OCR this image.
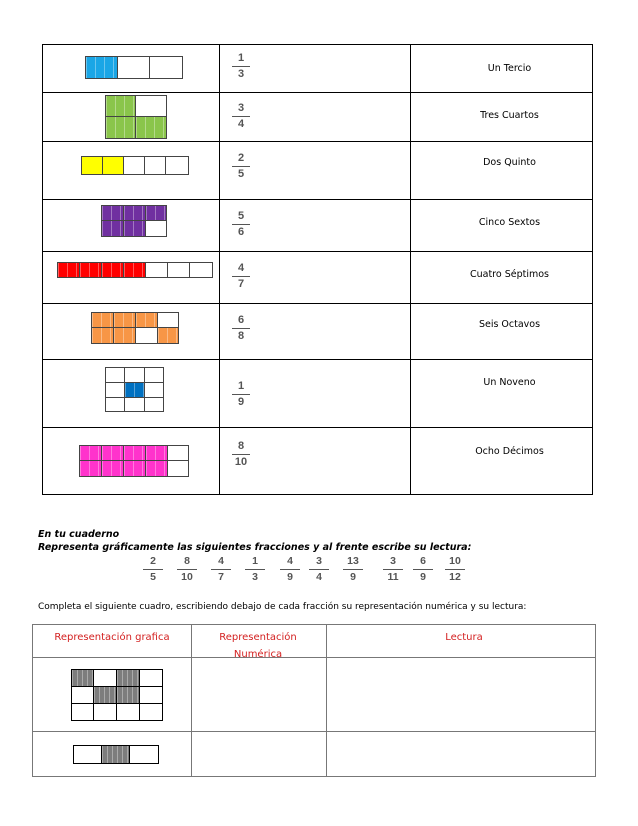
1
3	Un Tercio
3
4
Tres Cuartos
2
5
Dos Quinto
5
6
Cinco Sextos
4
7
Cuatro Séptimos
6
8
Seis Octavos
1
9
Un Noveno
8
10
Ocho Décimos
En tu cuaderno
Representa gráficamente las siguientes fracciones y al frente escribe su lectura:
2
5
8
10
4
7
1
3
4
9
3
4
13
9
3
11
6
9
10
12
Completa el siguiente cuadro, escribiendo debajo de cada fracción su representación numérica y su lectura:
Representación grafica	Representación Numérica
Lectura
